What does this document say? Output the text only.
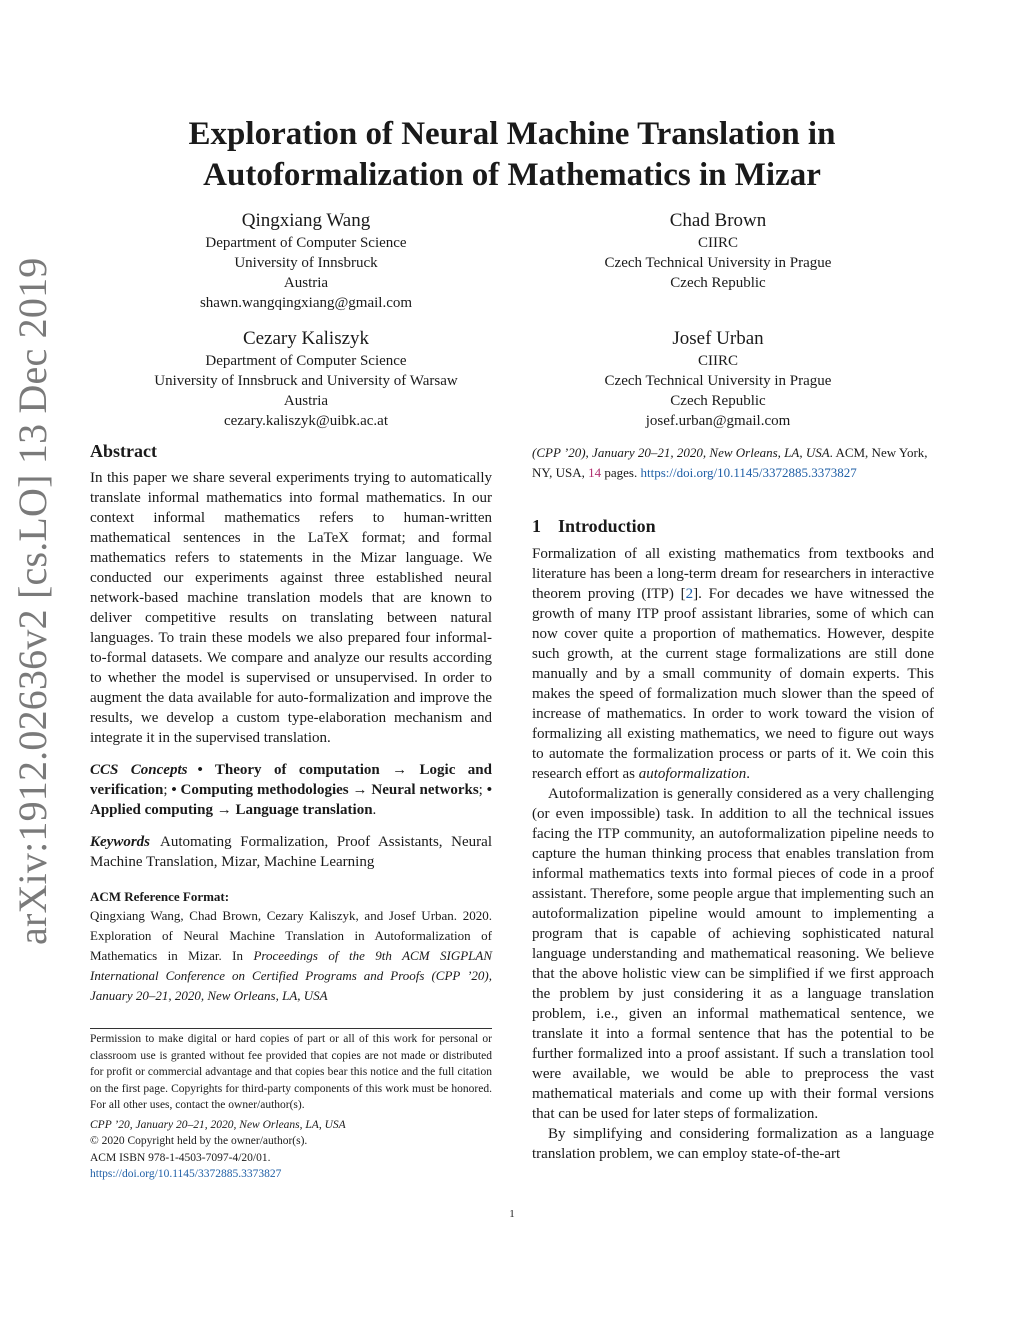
arXiv:1912.02636v2 [cs.LO] 13 Dec 2019
Exploration of Neural Machine Translation in
Autoformalization of Mathematics in Mizar
Qingxiang Wang
Department of Computer Science
University of Innsbruck
Austria
shawn.wangqingxiang@gmail.com
Chad Brown
CIIRC
Czech Technical University in Prague
Czech Republic
Cezary Kaliszyk
Department of Computer Science
University of Innsbruck and University of Warsaw
Austria
cezary.kaliszyk@uibk.ac.at
Josef Urban
CIIRC
Czech Technical University in Prague
Czech Republic
josef.urban@gmail.com
Abstract
In this paper we share several experiments trying to automatically translate informal mathematics into formal mathematics. In our context informal mathematics refers to human-written mathematical sentences in the LaTeX format; and formal mathematics refers to statements in the Mizar language. We conducted our experiments against three established neural network-based machine translation models that are known to deliver competitive results on translating between natural languages. To train these models we also prepared four informal-to-formal datasets. We compare and analyze our results according to whether the model is supervised or unsupervised. In order to augment the data available for auto-formalization and improve the results, we develop a custom type-elaboration mechanism and integrate it in the supervised translation.
CCS Concepts • Theory of computation → Logic and verification; • Computing methodologies → Neural networks; • Applied computing → Language translation.
Keywords Automating Formalization, Proof Assistants, Neural Machine Translation, Mizar, Machine Learning
ACM Reference Format:
Qingxiang Wang, Chad Brown, Cezary Kaliszyk, and Josef Urban. 2020. Exploration of Neural Machine Translation in Autoformalization of Mathematics in Mizar. In Proceedings of the 9th ACM SIGPLAN International Conference on Certified Programs and Proofs (CPP ’20), January 20–21, 2020, New Orleans, LA, USA
Permission to make digital or hard copies of part or all of this work for personal or classroom use is granted without fee provided that copies are not made or distributed for profit or commercial advantage and that copies bear this notice and the full citation on the first page. Copyrights for third-party components of this work must be honored. For all other uses, contact the owner/author(s).
CPP ’20, January 20–21, 2020, New Orleans, LA, USA
© 2020 Copyright held by the owner/author(s).
ACM ISBN 978-1-4503-7097-4/20/01.
https://doi.org/10.1145/3372885.3373827
(CPP ’20), January 20–21, 2020, New Orleans, LA, USA. ACM, New York, NY, USA, 14 pages. https://doi.org/10.1145/3372885.3373827
1 Introduction
Formalization of all existing mathematics from textbooks and literature has been a long-term dream for researchers in interactive theorem proving (ITP) [2]. For decades we have witnessed the growth of many ITP proof assistant libraries, some of which can now cover quite a proportion of mathematics. However, despite such growth, at the current stage formalizations are still done manually and by a small community of domain experts. This makes the speed of formalization much slower than the speed of increase of mathematics. In order to work toward the vision of formalizing all existing mathematics, we need to figure out ways to automate the formalization process or parts of it. We coin this research effort as autoformalization.
Autoformalization is generally considered as a very challenging (or even impossible) task. In addition to all the technical issues facing the ITP community, an autoformalization pipeline needs to capture the human thinking process that enables translation from informal mathematics texts into formal pieces of code in a proof assistant. Therefore, some people argue that implementing such an autoformalization pipeline would amount to implementing a program that is capable of achieving sophisticated natural language understanding and mathematical reasoning. We believe that the above holistic view can be simplified if we first approach the problem by just considering it as a language translation problem, i.e., given an informal mathematical sentence, we translate it into a formal sentence that has the potential to be further formalized into a proof assistant. If such a translation tool were available, we would be able to preprocess the vast mathematical materials and come up with their formal versions that can be used for later steps of formalization.
By simplifying and considering formalization as a language translation problem, we can employ state-of-the-art
1
